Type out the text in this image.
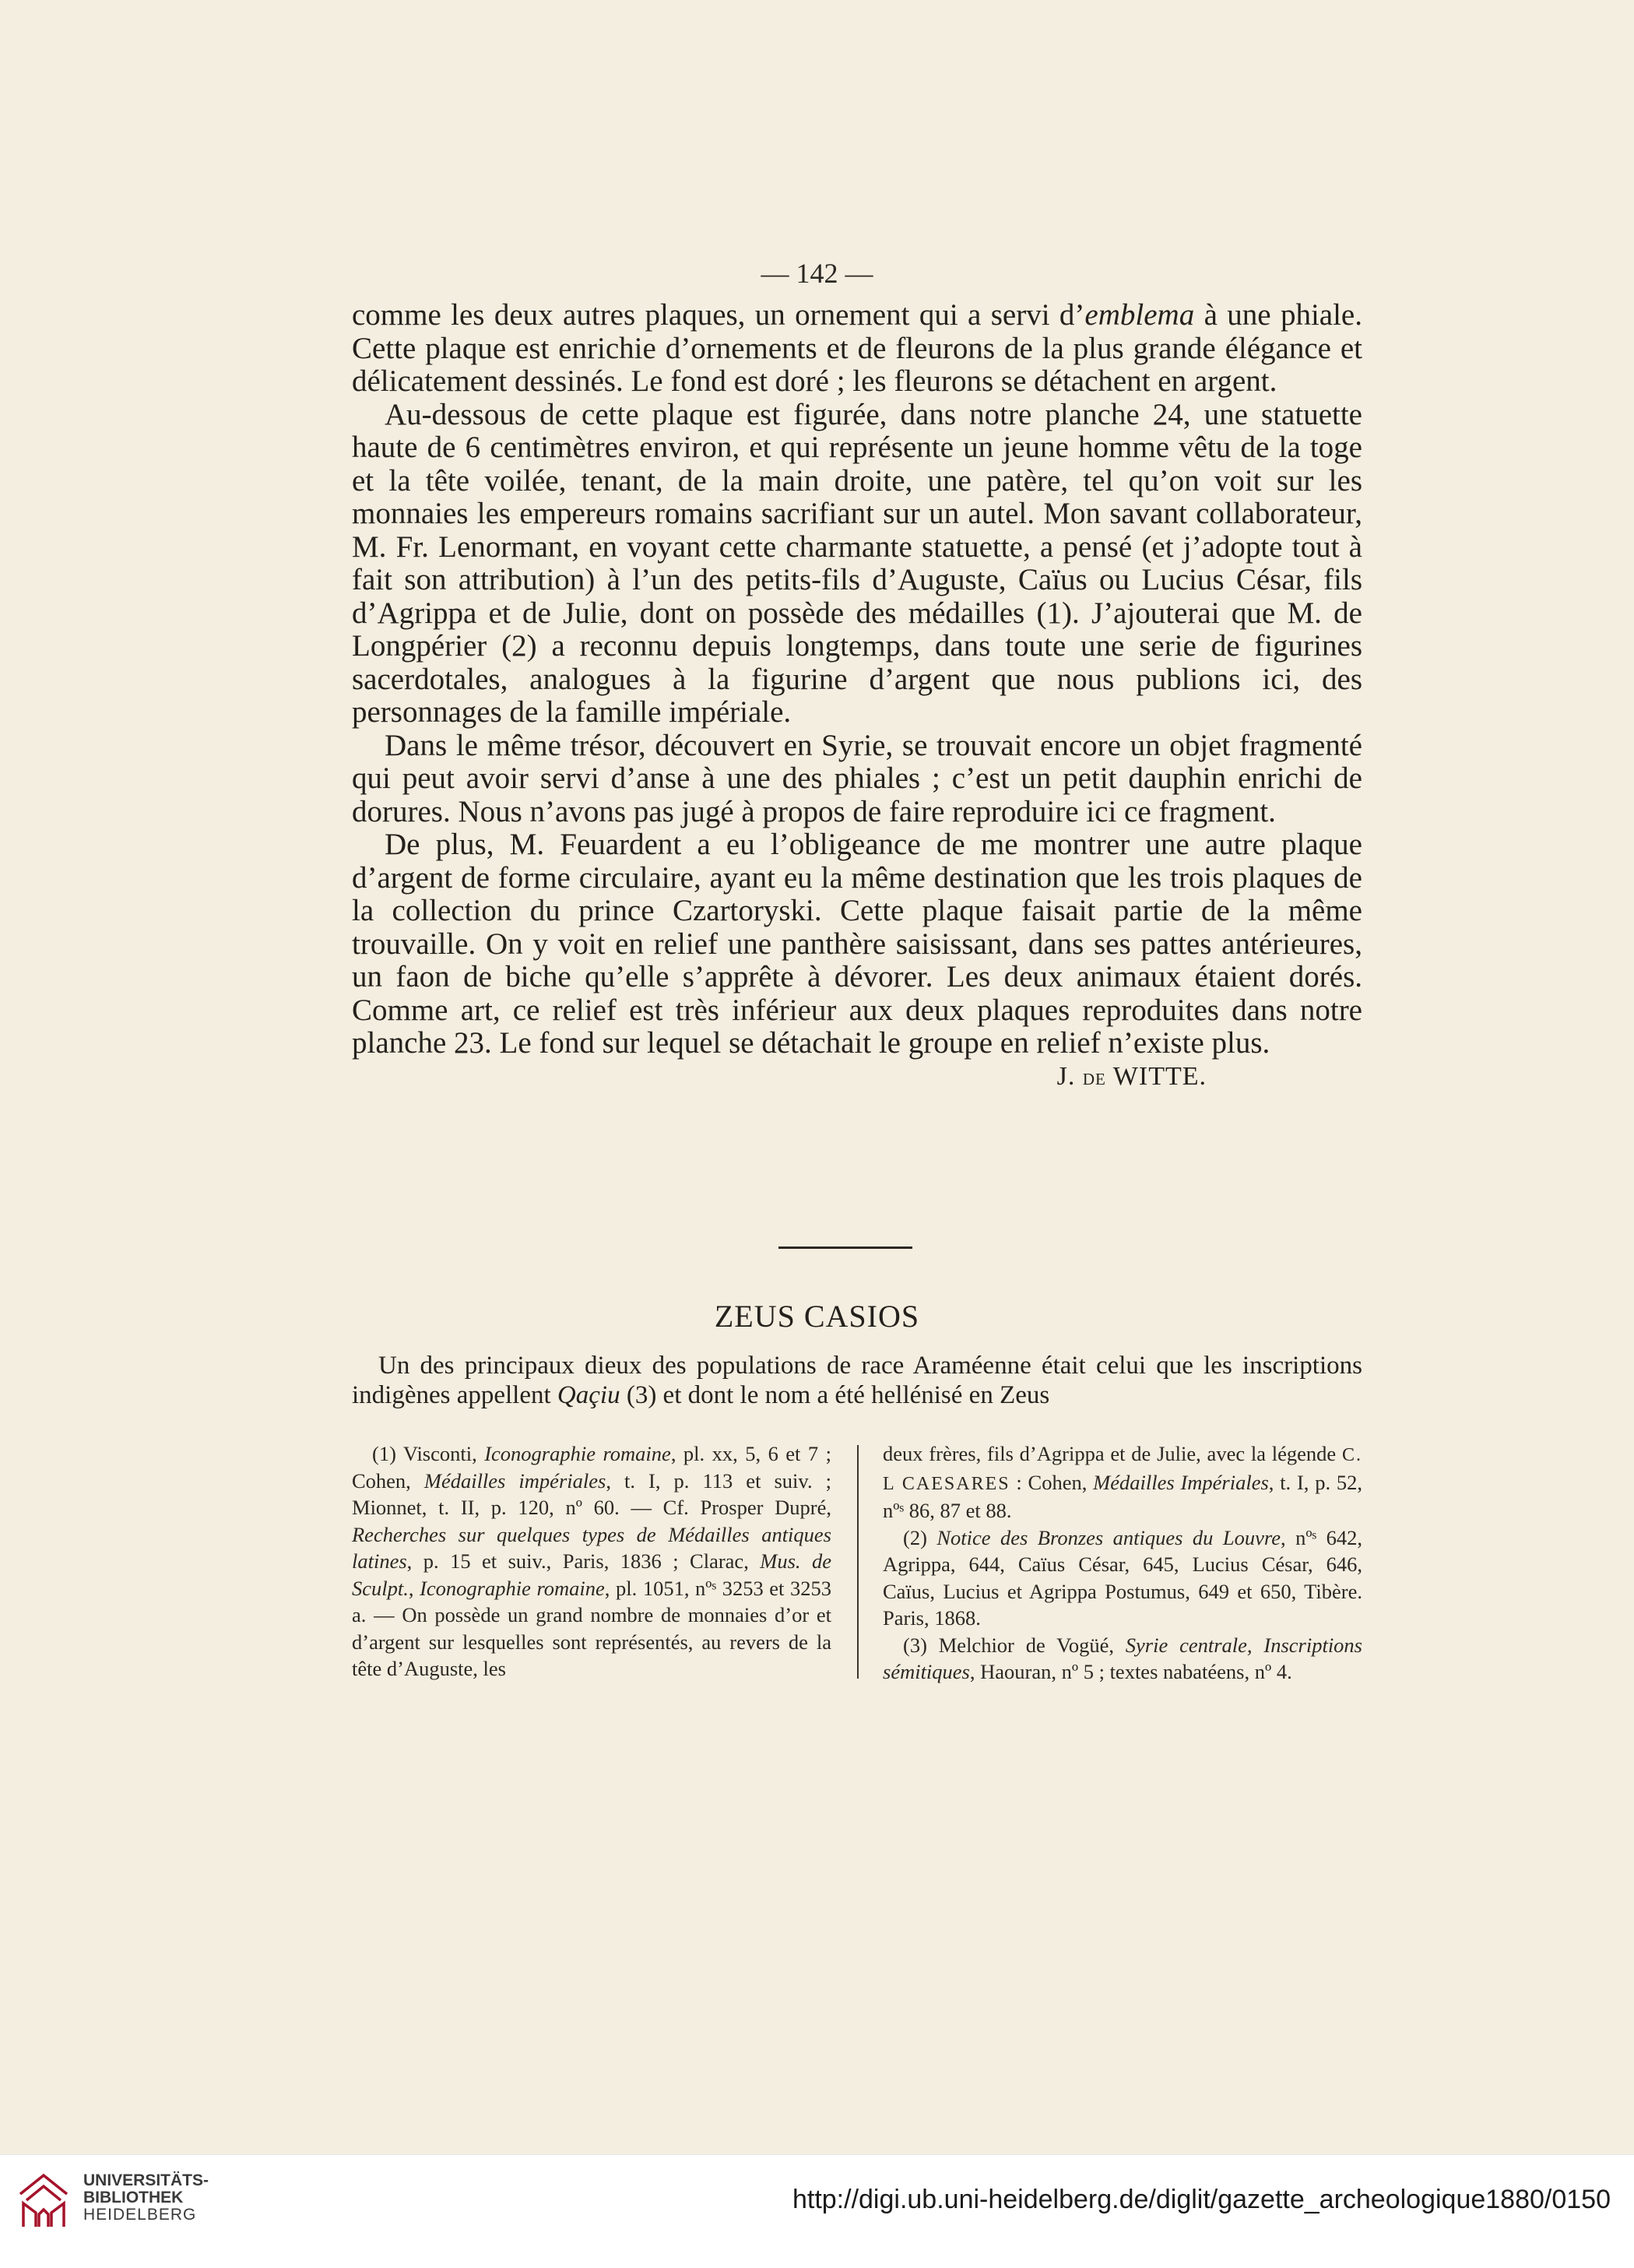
— 142 —

comme les deux autres plaques, un ornement qui a servi d’emblema à une phiale. Cette plaque est enrichie d’ornements et de fleurons de la plus grande élégance et délicatement dessinés. Le fond est doré ; les fleurons se détachent en argent.

Au-dessous de cette plaque est figurée, dans notre planche 24, une statuette haute de 6 centimètres environ, et qui représente un jeune homme vêtu de la toge et la tête voilée, tenant, de la main droite, une patère, tel qu’on voit sur les monnaies les empereurs romains sacrifiant sur un autel. Mon savant collaborateur, M. Fr. Lenormant, en voyant cette charmante statuette, a pensé (et j’adopte tout à fait son attribution) à l’un des petits-fils d’Auguste, Caïus ou Lucius César, fils d’Agrippa et de Julie, dont on possède des médailles (1). J’ajouterai que M. de Longpérier (2) a reconnu depuis longtemps, dans toute une serie de figurines sacerdotales, analogues à la figurine d’argent que nous publions ici, des personnages de la famille impériale.

Dans le même trésor, découvert en Syrie, se trouvait encore un objet fragmenté qui peut avoir servi d’anse à une des phiales ; c’est un petit dauphin enrichi de dorures. Nous n’avons pas jugé à propos de faire reproduire ici ce fragment.

De plus, M. Feuardent a eu l’obligeance de me montrer une autre plaque d’argent de forme circulaire, ayant eu la même destination que les trois plaques de la collection du prince Czartoryski. Cette plaque faisait partie de la même trouvaille. On y voit en relief une panthère saisissant, dans ses pattes antérieures, un faon de biche qu’elle s’apprête à dévorer. Les deux animaux étaient dorés. Comme art, ce relief est très inférieur aux deux plaques reproduites dans notre planche 23. Le fond sur lequel se détachait le groupe en relief n’existe plus.
J. de WITTE.

ZEUS CASIOS

Un des principaux dieux des populations de race Araméenne était celui que les inscriptions indigènes appellent Qaçiu (3) et dont le nom a été hellénisé en Zeus

(1) Visconti, Iconographie romaine, pl. xx, 5, 6 et 7 ; Cohen, Médailles impériales, t. I, p. 113 et suiv. ; Mionnet, t. II, p. 120, nº 60. — Cf. Prosper Dupré, Recherches sur quelques types de Médailles antiques latines, p. 15 et suiv., Paris, 1836 ; Clarac, Mus. de Sculpt., Iconographie romaine, pl. 1051, nºˢ 3253 et 3253 a. — On possède un grand nombre de monnaies d’or et d’argent sur lesquelles sont représentés, au revers de la tête d’Auguste, les

deux frères, fils d’Agrippa et de Julie, avec la légende C. L CAESARES : Cohen, Médailles Impériales, t. I, p. 52, nºˢ 86, 87 et 88.

(2) Notice des Bronzes antiques du Louvre, nºˢ 642, Agrippa, 644, Caïus César, 645, Lucius César, 646, Caïus, Lucius et Agrippa Postumus, 649 et 650, Tibère. Paris, 1868.

(3) Melchior de Vogüé, Syrie centrale, Inscriptions sémitiques, Haouran, nº 5 ; textes nabatéens, nº 4.

UNIVERSITÄTS-
BIBLIOTHEK
HEIDELBERG
http://digi.ub.uni-heidelberg.de/diglit/gazette_archeologique1880/0150
